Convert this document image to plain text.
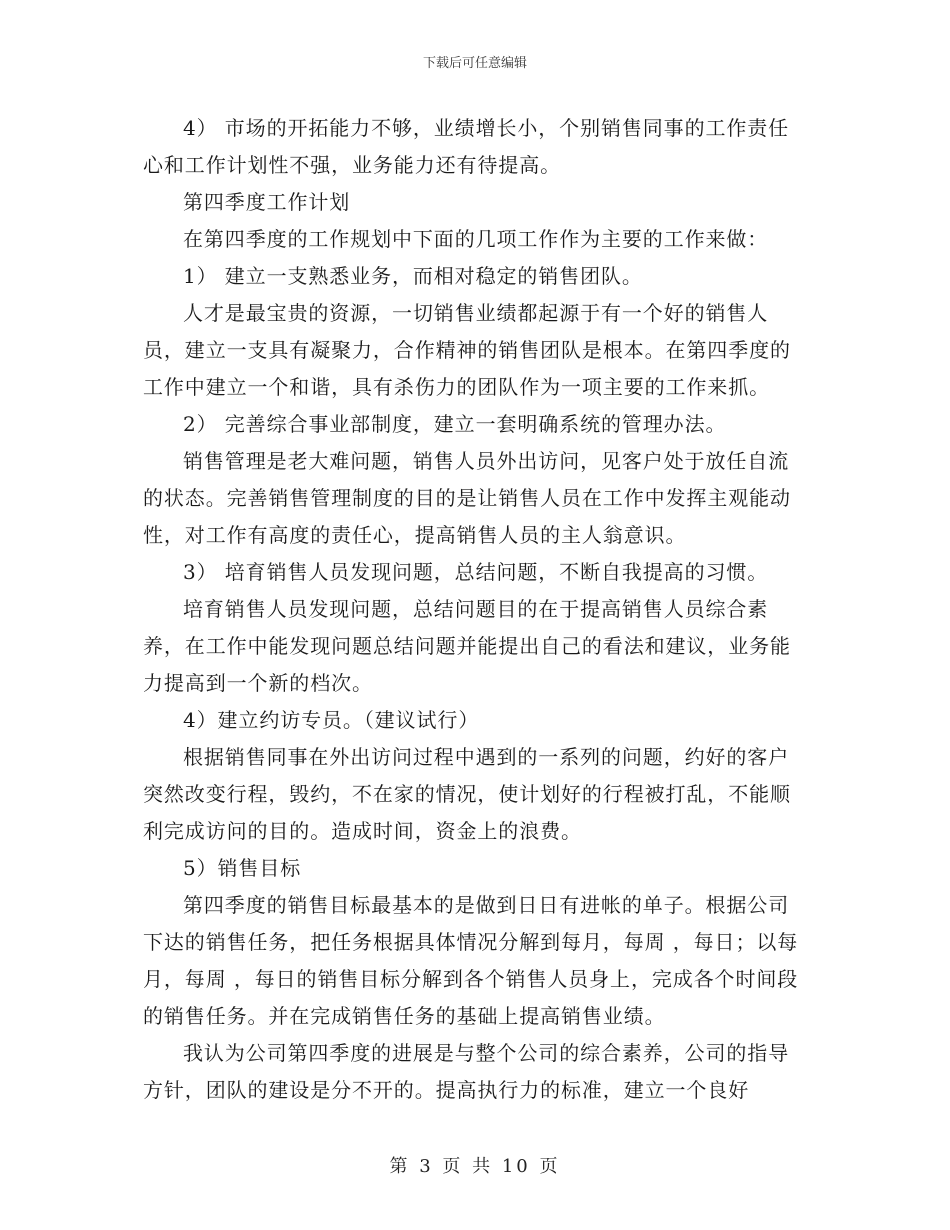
下载后可任意编辑

4） 市场的开拓能力不够，业绩增长小，个别销售同事的工作责任心和工作计划性不强，业务能力还有待提高。

第四季度工作计划

在第四季度的工作规划中下面的几项工作作为主要的工作来做：

1） 建立一支熟悉业务，而相对稳定的销售团队。

人才是最宝贵的资源，一切销售业绩都起源于有一个好的销售人员，建立一支具有凝聚力，合作精神的销售团队是根本。在第四季度的工作中建立一个和谐，具有杀伤力的团队作为一项主要的工作来抓。

2） 完善综合事业部制度，建立一套明确系统的管理办法。

销售管理是老大难问题，销售人员外出访问，见客户处于放任自流的状态。完善销售管理制度的目的是让销售人员在工作中发挥主观能动性，对工作有高度的责任心，提高销售人员的主人翁意识。

3） 培育销售人员发现问题，总结问题，不断自我提高的习惯。

培育销售人员发现问题，总结问题目的在于提高销售人员综合素养，在工作中能发现问题总结问题并能提出自己的看法和建议，业务能力提高到一个新的档次。

4）建立约访专员。（建议试行）

根据销售同事在外出访问过程中遇到的一系列的问题，约好的客户突然改变行程，毁约，不在家的情况，使计划好的行程被打乱，不能顺利完成访问的目的。造成时间，资金上的浪费。

5）销售目标

第四季度的销售目标最基本的是做到日日有进帐的单子。根据公司下达的销售任务，把任务根据具体情况分解到每月，每周 ，每日；以每月，每周 ，每日的销售目标分解到各个销售人员身上，完成各个时间段的销售任务。并在完成销售任务的基础上提高销售业绩。

我认为公司第四季度的进展是与整个公司的综合素养，公司的指导方针，团队的建设是分不开的。提高执行力的标准，建立一个良好

第 3 页 共 10 页
